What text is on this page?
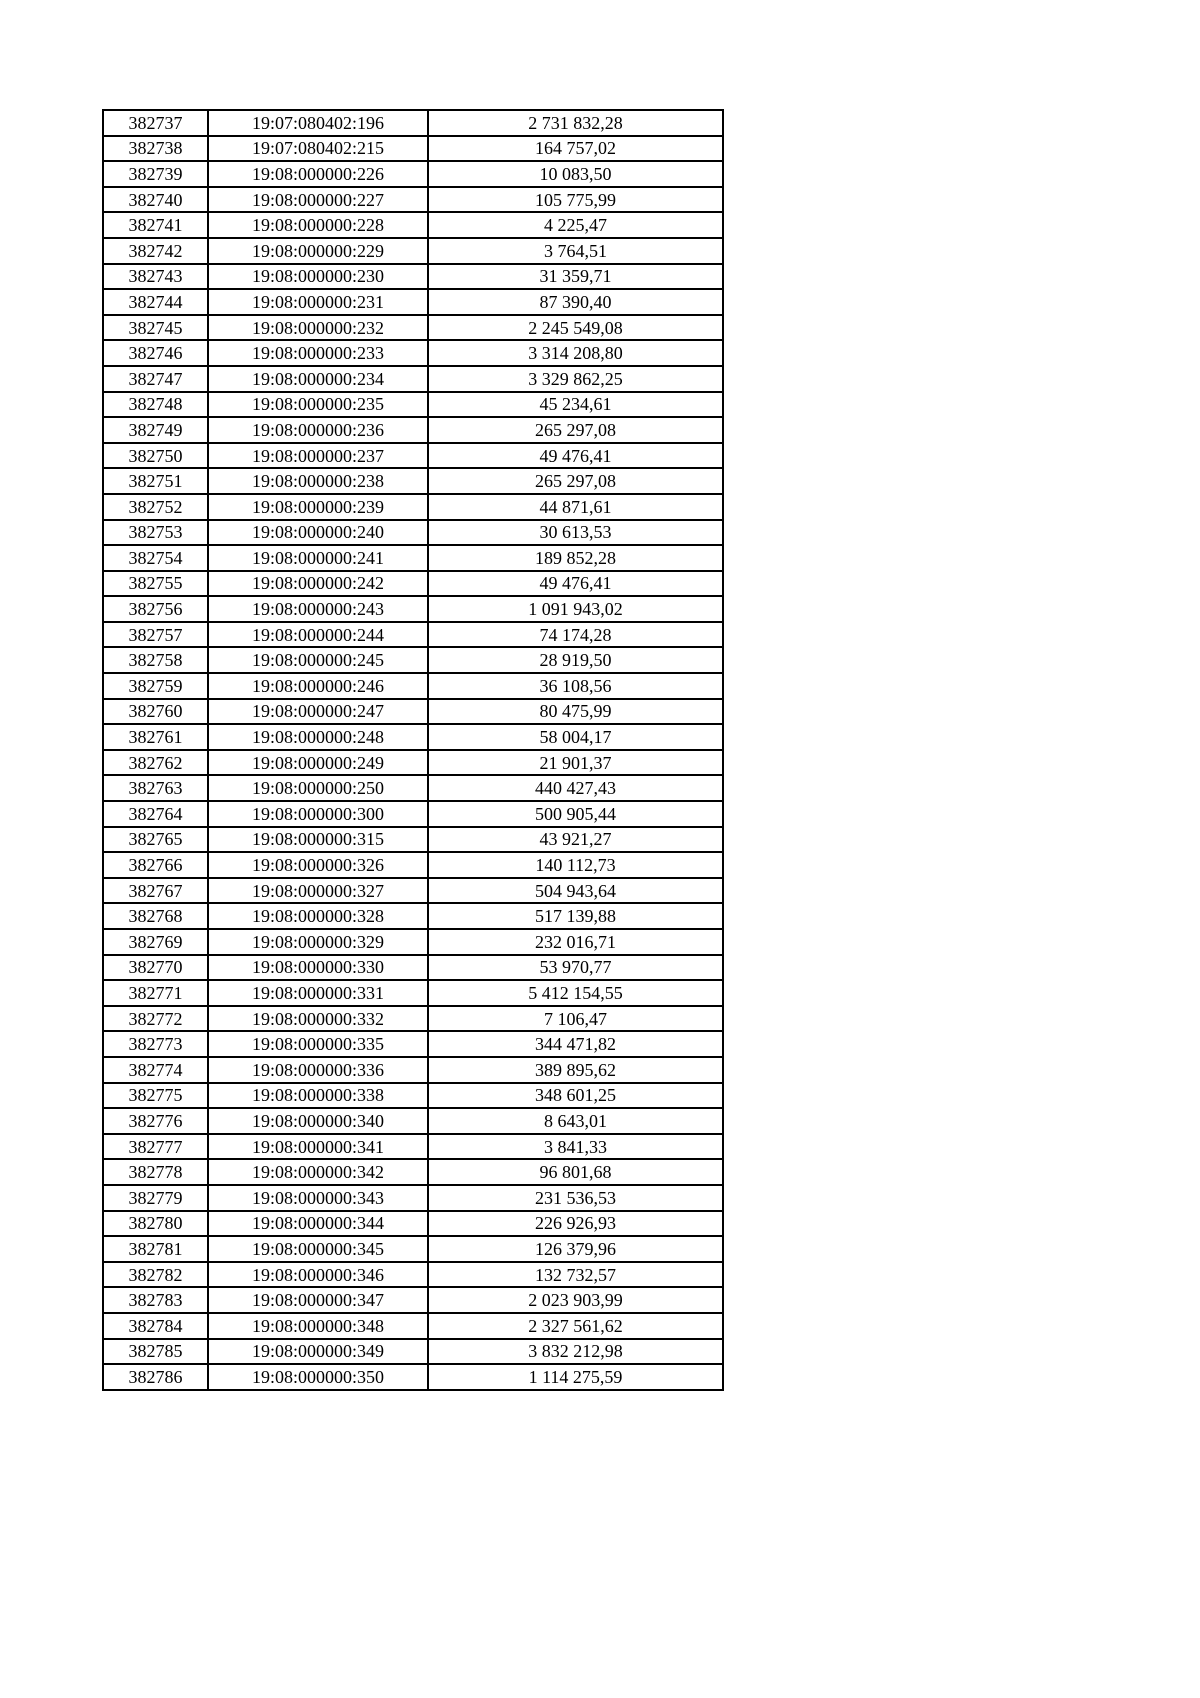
382737	19:07:080402:196	2 731 832,28
382738	19:07:080402:215	164 757,02
382739	19:08:000000:226	10 083,50
382740	19:08:000000:227	105 775,99
382741	19:08:000000:228	4 225,47
382742	19:08:000000:229	3 764,51
382743	19:08:000000:230	31 359,71
382744	19:08:000000:231	87 390,40
382745	19:08:000000:232	2 245 549,08
382746	19:08:000000:233	3 314 208,80
382747	19:08:000000:234	3 329 862,25
382748	19:08:000000:235	45 234,61
382749	19:08:000000:236	265 297,08
382750	19:08:000000:237	49 476,41
382751	19:08:000000:238	265 297,08
382752	19:08:000000:239	44 871,61
382753	19:08:000000:240	30 613,53
382754	19:08:000000:241	189 852,28
382755	19:08:000000:242	49 476,41
382756	19:08:000000:243	1 091 943,02
382757	19:08:000000:244	74 174,28
382758	19:08:000000:245	28 919,50
382759	19:08:000000:246	36 108,56
382760	19:08:000000:247	80 475,99
382761	19:08:000000:248	58 004,17
382762	19:08:000000:249	21 901,37
382763	19:08:000000:250	440 427,43
382764	19:08:000000:300	500 905,44
382765	19:08:000000:315	43 921,27
382766	19:08:000000:326	140 112,73
382767	19:08:000000:327	504 943,64
382768	19:08:000000:328	517 139,88
382769	19:08:000000:329	232 016,71
382770	19:08:000000:330	53 970,77
382771	19:08:000000:331	5 412 154,55
382772	19:08:000000:332	7 106,47
382773	19:08:000000:335	344 471,82
382774	19:08:000000:336	389 895,62
382775	19:08:000000:338	348 601,25
382776	19:08:000000:340	8 643,01
382777	19:08:000000:341	3 841,33
382778	19:08:000000:342	96 801,68
382779	19:08:000000:343	231 536,53
382780	19:08:000000:344	226 926,93
382781	19:08:000000:345	126 379,96
382782	19:08:000000:346	132 732,57
382783	19:08:000000:347	2 023 903,99
382784	19:08:000000:348	2 327 561,62
382785	19:08:000000:349	3 832 212,98
382786	19:08:000000:350	1 114 275,59
